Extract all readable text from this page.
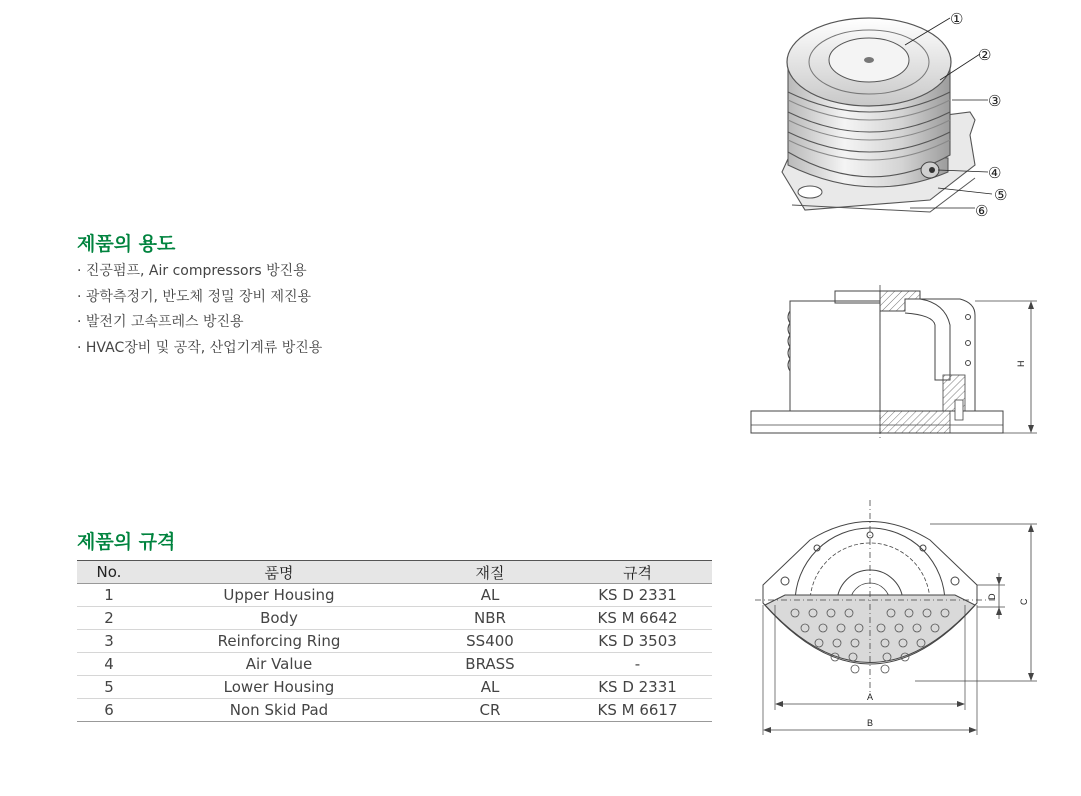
제품의 용도
· 진공펌프, Air compressors 방진용
· 광학측정기, 반도체 정밀 장비 제진용
· 발전기 고속프레스 방진용
· HVAC장비 및 공작, 산업기계류 방진용
제품의 규격
No.	품명	재질	규격
1	Upper Housing	AL	KS D 2331
2	Body	NBR	KS M 6642
3	Reinforcing Ring	SS400	KS D 3503
4	Air Value	BRASS	-
5	Lower Housing	AL	KS D 2331
6	Non Skid Pad	CR	KS M 6617
①
②
③
④
⑤
⑥
H
C
D
A
B
